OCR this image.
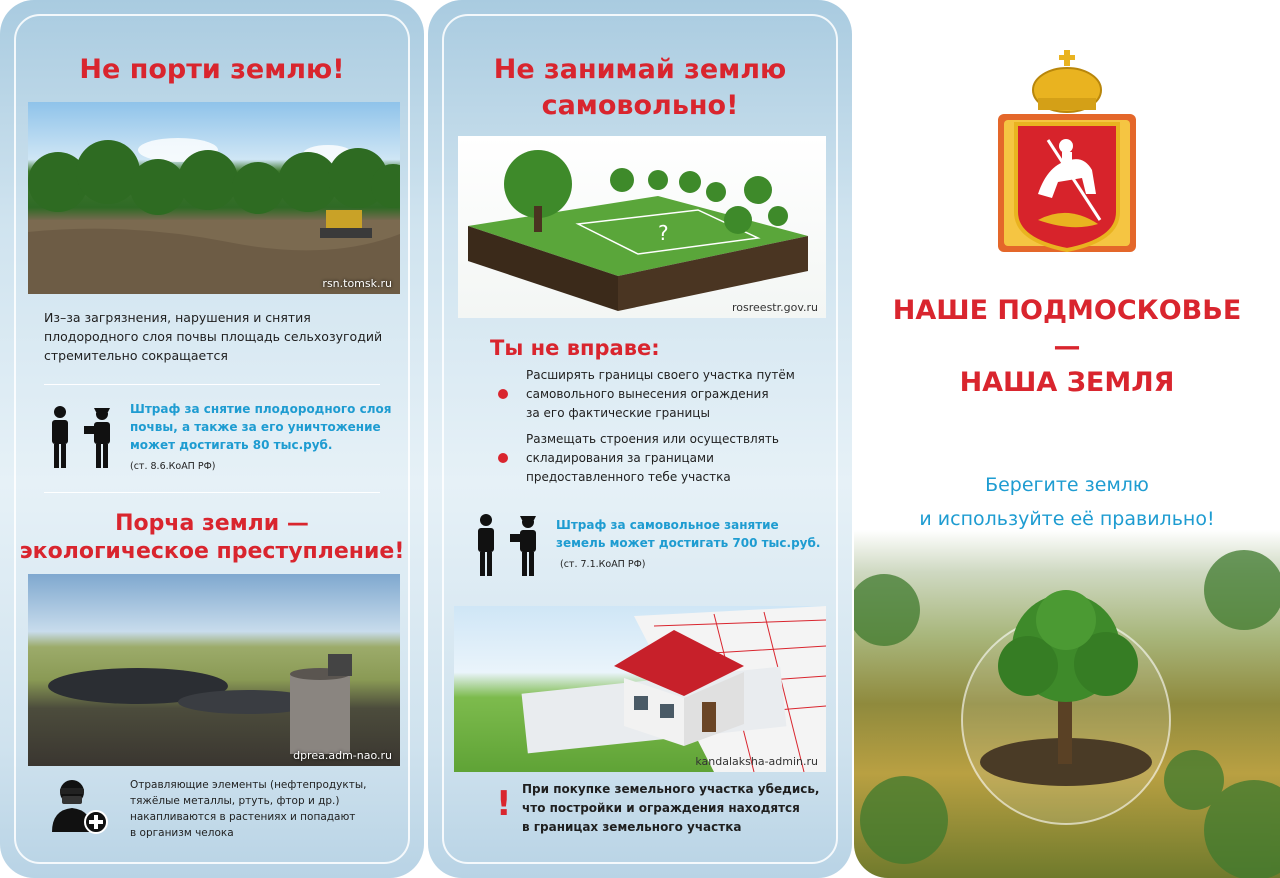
Не порти землю!
rsn.tomsk.ru

Из–за загрязнения, нарушения и снятия

плодородного слоя почвы площадь сельхозугодий

стремительно сокращается

Штраф за снятие плодородного слоя

почвы, а также за его уничтожение

может достигать 80 тыс.руб.

(ст. 8.6.КоАП РФ)

Порча земли —

экологическое преступление!

dprea.adm-nao.ru

Отравляющие элементы (нефтепродукты,

тяжёлые металлы, ртуть, фтор и др.)

накапливаются в растениях и попадают

в организм челока

Не занимай землю
самовольно!
?
rosreestr.gov.ru

Ты не вправе:

Расширять границы своего участка путём

самовольного вынесения ограждения

за его фактические границы

Размещать строения или осуществлять

складирования за границами

предоставленного тебе участка

Штраф за самовольное занятие

земель может достигать 700 тыс.руб.

(ст. 7.1.КоАП РФ)

kandalaksha-admin.ru
! При покупке земельного участка убедись,

что постройки и ограждения находятся

в границах земельного участка

НАШЕ ПОДМОСКОВЬЕ

—

НАША ЗЕМЛЯ

Берегите землю

и используйте её правильно!
